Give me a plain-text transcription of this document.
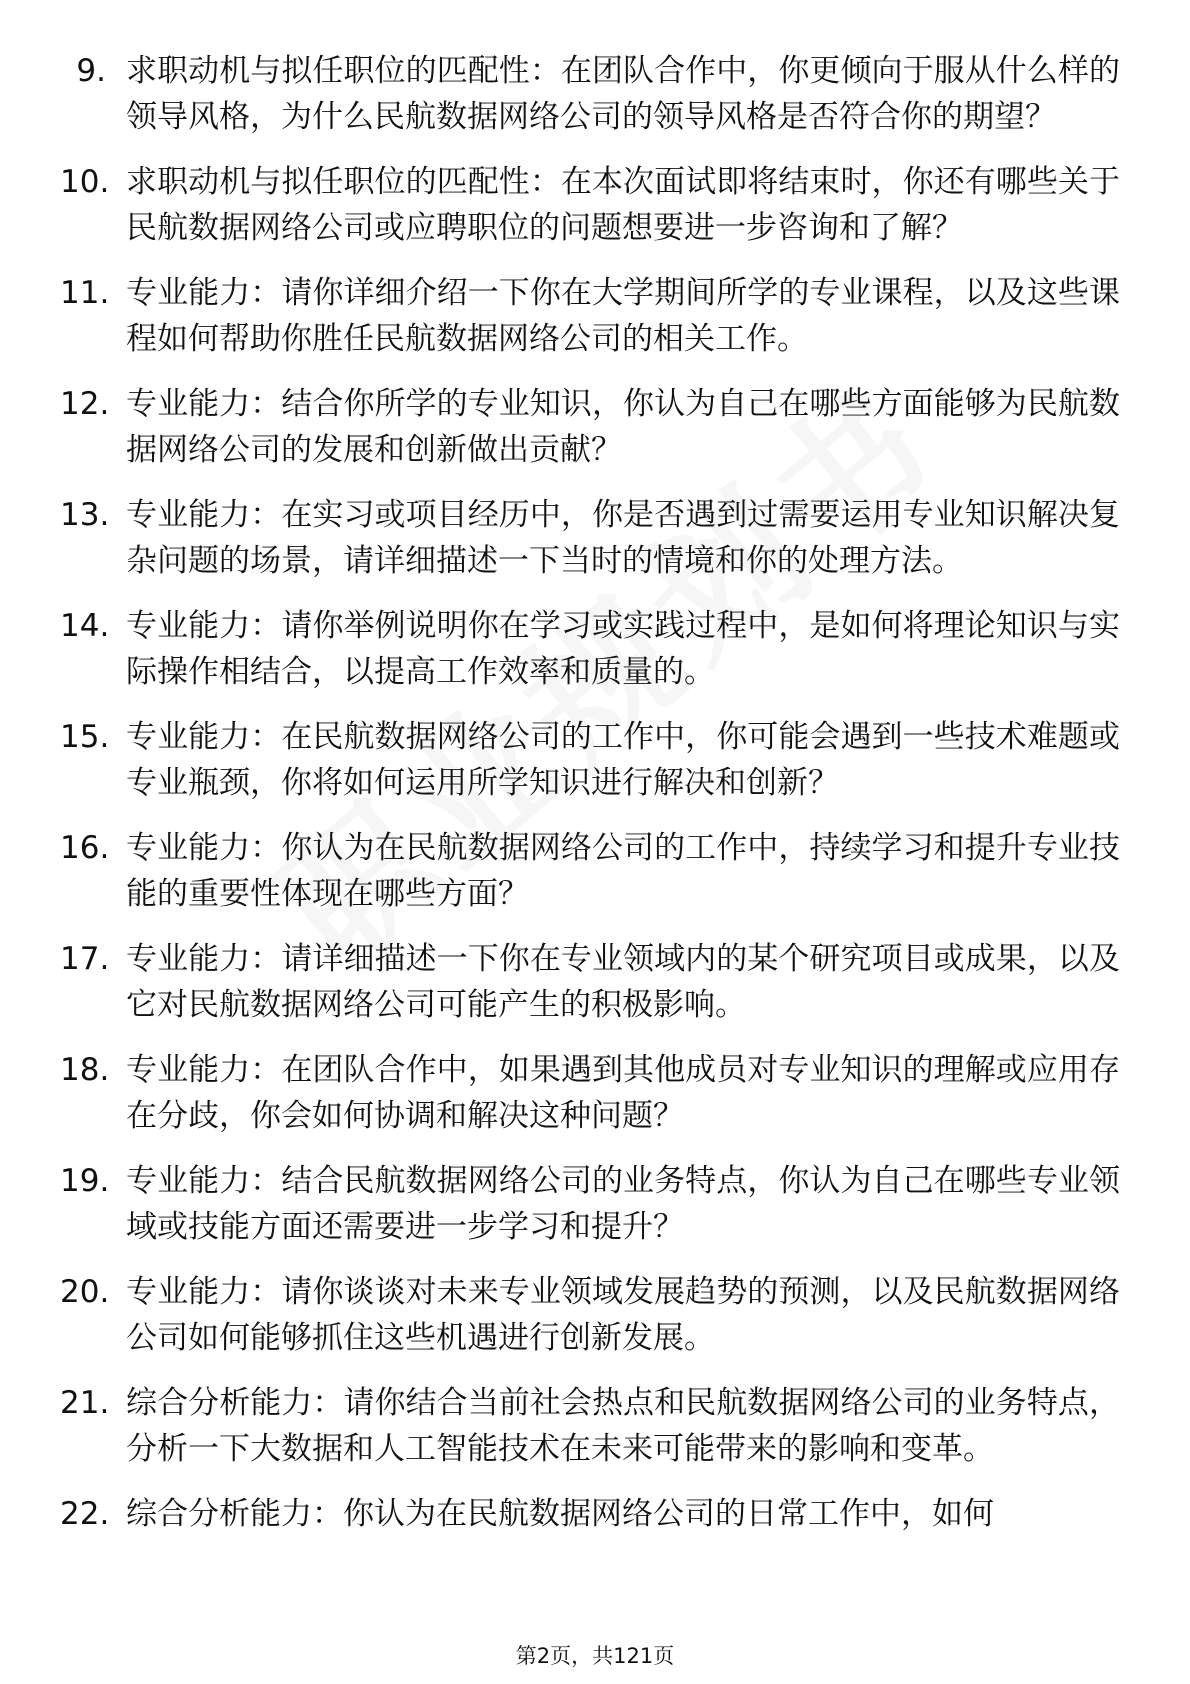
9. 求职动机与拟任职位的匹配性：在团队合作中，你更倾向于服从什么样的领导风格，为什么民航数据网络公司的领导风格是否符合你的期望？
10. 求职动机与拟任职位的匹配性：在本次面试即将结束时，你还有哪些关于民航数据网络公司或应聘职位的问题想要进一步咨询和了解？
11. 专业能力：请你详细介绍一下你在大学期间所学的专业课程，以及这些课程如何帮助你胜任民航数据网络公司的相关工作。
12. 专业能力：结合你所学的专业知识，你认为自己在哪些方面能够为民航数据网络公司的发展和创新做出贡献？
13. 专业能力：在实习或项目经历中，你是否遇到过需要运用专业知识解决复杂问题的场景，请详细描述一下当时的情境和你的处理方法。
14. 专业能力：请你举例说明你在学习或实践过程中，是如何将理论知识与实际操作相结合，以提高工作效率和质量的。
15. 专业能力：在民航数据网络公司的工作中，你可能会遇到一些技术难题或专业瓶颈，你将如何运用所学知识进行解决和创新？
16. 专业能力：你认为在民航数据网络公司的工作中，持续学习和提升专业技能的重要性体现在哪些方面？
17. 专业能力：请详细描述一下你在专业领域内的某个研究项目或成果，以及它对民航数据网络公司可能产生的积极影响。
18. 专业能力：在团队合作中，如果遇到其他成员对专业知识的理解或应用存在分歧，你会如何协调和解决这种问题？
19. 专业能力：结合民航数据网络公司的业务特点，你认为自己在哪些专业领域或技能方面还需要进一步学习和提升？
20. 专业能力：请你谈谈对未来专业领域发展趋势的预测，以及民航数据网络公司如何能够抓住这些机遇进行创新发展。
21. 综合分析能力：请你结合当前社会热点和民航数据网络公司的业务特点，分析一下大数据和人工智能技术在未来可能带来的影响和变革。
22. 综合分析能力：你认为在民航数据网络公司的日常工作中，如何
第2页，共121页
